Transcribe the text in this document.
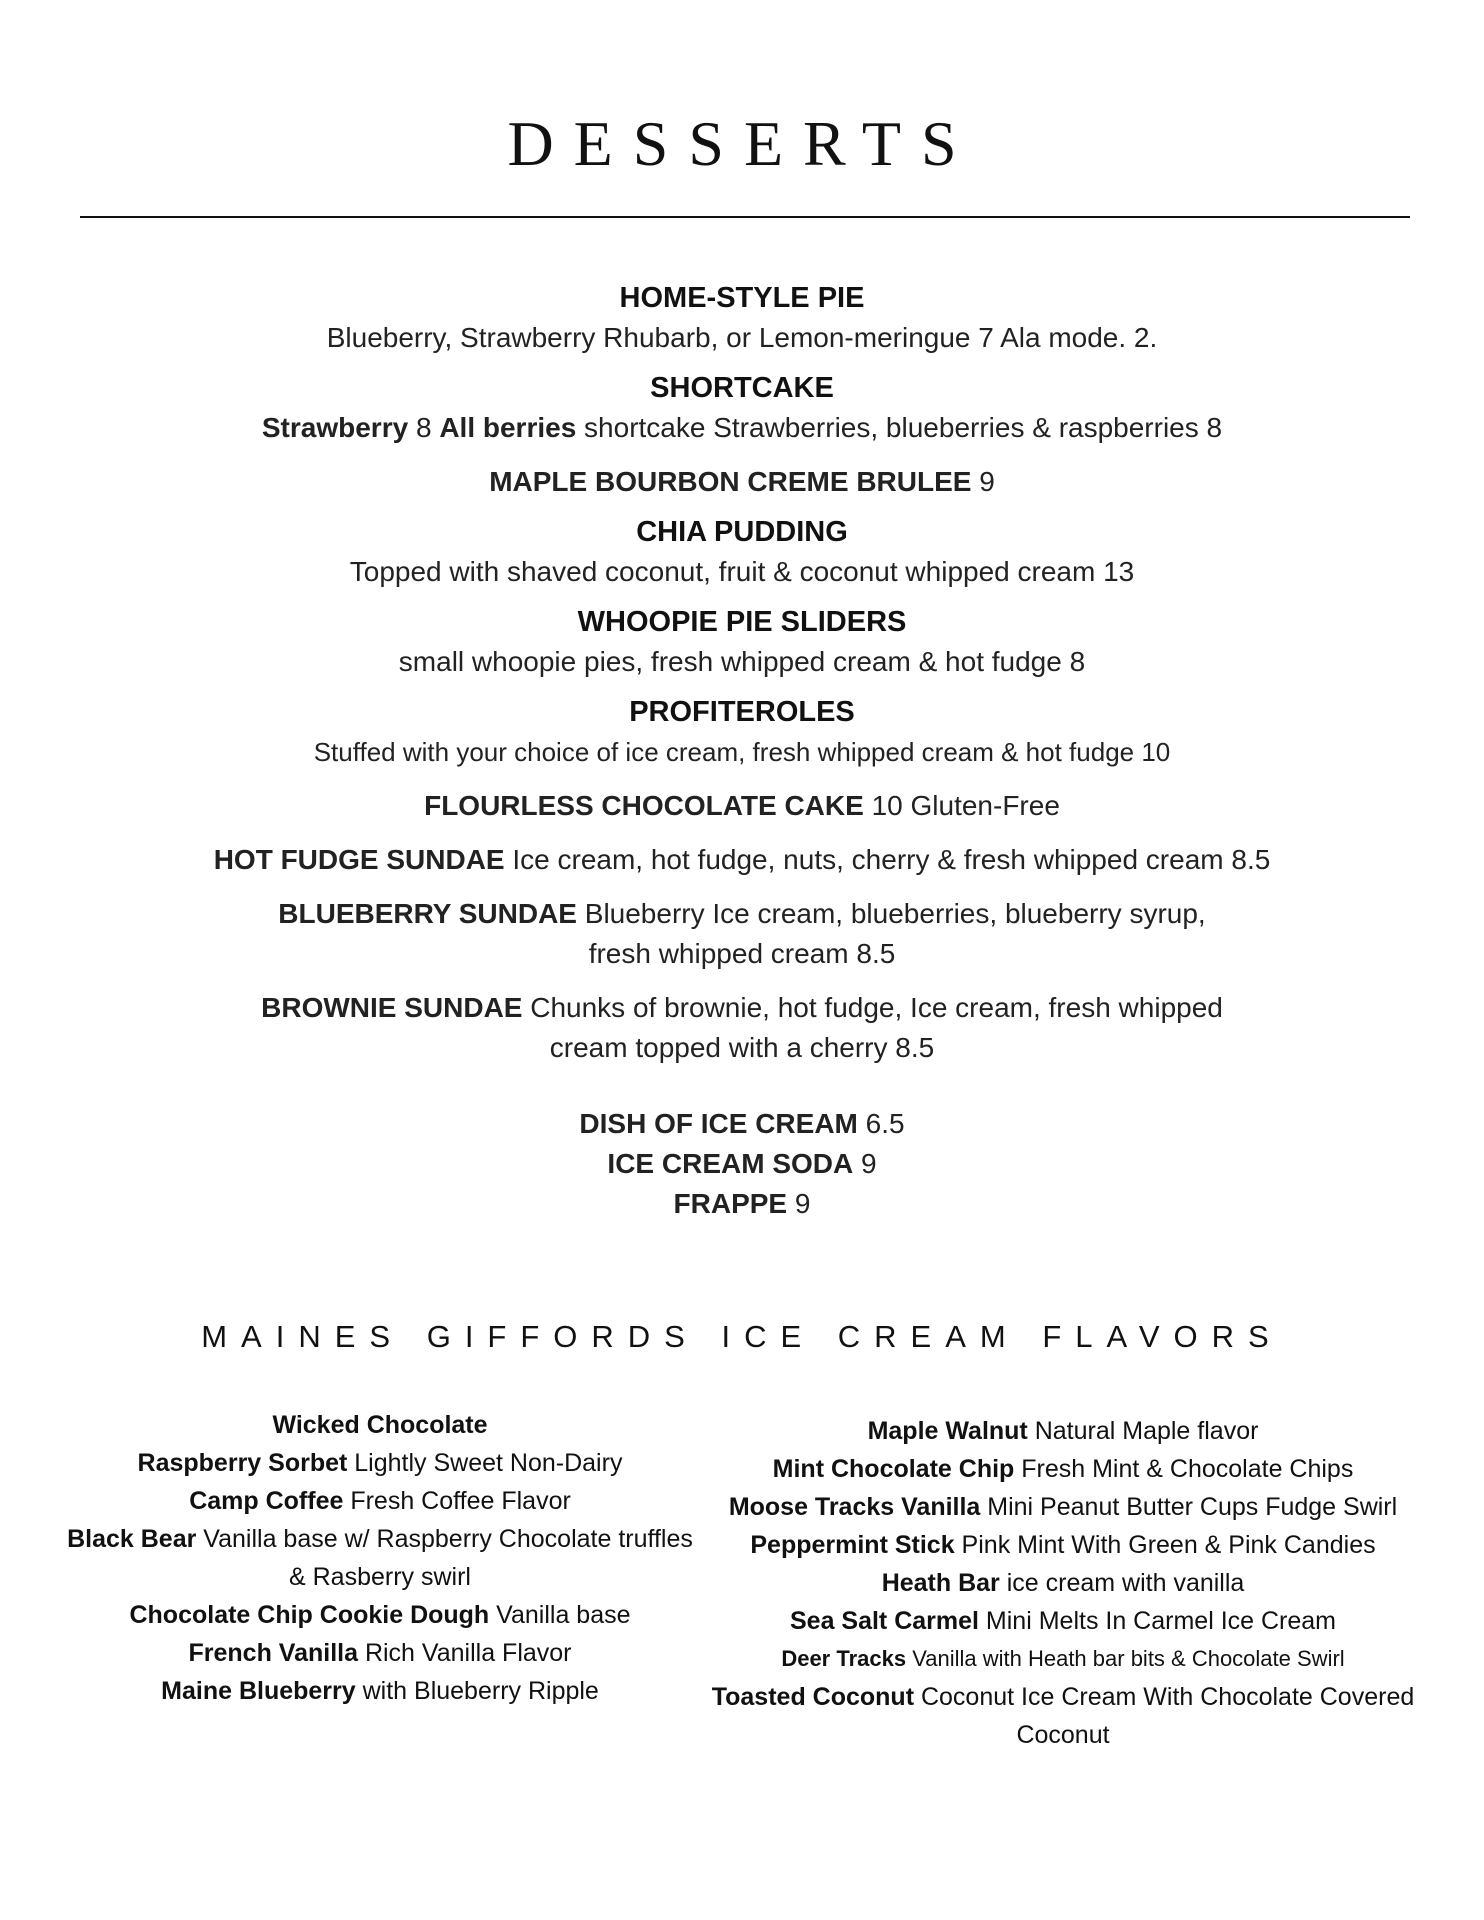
DESSERTS
HOME-STYLE PIE
Blueberry, Strawberry Rhubarb, or Lemon-meringue 7 Ala mode. 2.
SHORTCAKE
Strawberry 8 All berries shortcake Strawberries, blueberries & raspberries 8
MAPLE BOURBON CREME BRULEE 9
CHIA PUDDING
Topped with shaved coconut, fruit & coconut whipped cream 13
WHOOPIE PIE SLIDERS
small whoopie pies, fresh whipped cream & hot fudge 8
PROFITEROLES
Stuffed with your choice of ice cream, fresh whipped cream & hot fudge 10
FLOURLESS CHOCOLATE CAKE 10 Gluten-Free
HOT FUDGE SUNDAE Ice cream, hot fudge, nuts, cherry & fresh whipped cream 8.5
BLUEBERRY SUNDAE Blueberry Ice cream, blueberries, blueberry syrup, fresh whipped cream 8.5
BROWNIE SUNDAE Chunks of brownie, hot fudge, Ice cream, fresh whipped cream topped with a cherry 8.5
DISH OF ICE CREAM 6.5
ICE CREAM SODA 9
FRAPPE 9
MAINES GIFFORDS ICE CREAM FLAVORS
Wicked Chocolate
Raspberry Sorbet Lightly Sweet Non-Dairy
Camp Coffee Fresh Coffee Flavor
Black Bear Vanilla base w/ Raspberry Chocolate truffles & Rasberry swirl
Chocolate Chip Cookie Dough Vanilla base
French Vanilla Rich Vanilla Flavor
Maine Blueberry with Blueberry Ripple
Maple Walnut Natural Maple flavor
Mint Chocolate Chip Fresh Mint & Chocolate Chips
Moose Tracks Vanilla Mini Peanut Butter Cups Fudge Swirl
Peppermint Stick Pink Mint With Green & Pink Candies
Heath Bar ice cream with vanilla
Sea Salt Carmel Mini Melts In Carmel Ice Cream
Deer Tracks Vanilla with Heath bar bits & Chocolate Swirl
Toasted Coconut Coconut Ice Cream With Chocolate Covered Coconut
